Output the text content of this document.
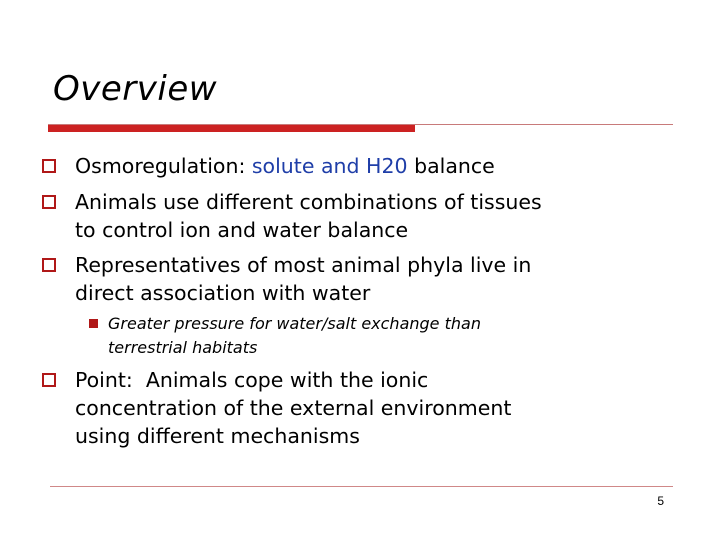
Overview
Osmoregulation: solute and H20 balance
Animals use different combinations of tissues
to control ion and water balance
Representatives of most animal phyla live in
direct association with water
Greater pressure for water/salt exchange than
terrestrial habitats
Point:  Animals cope with the ionic
concentration of the external environment
using different mechanisms
5
